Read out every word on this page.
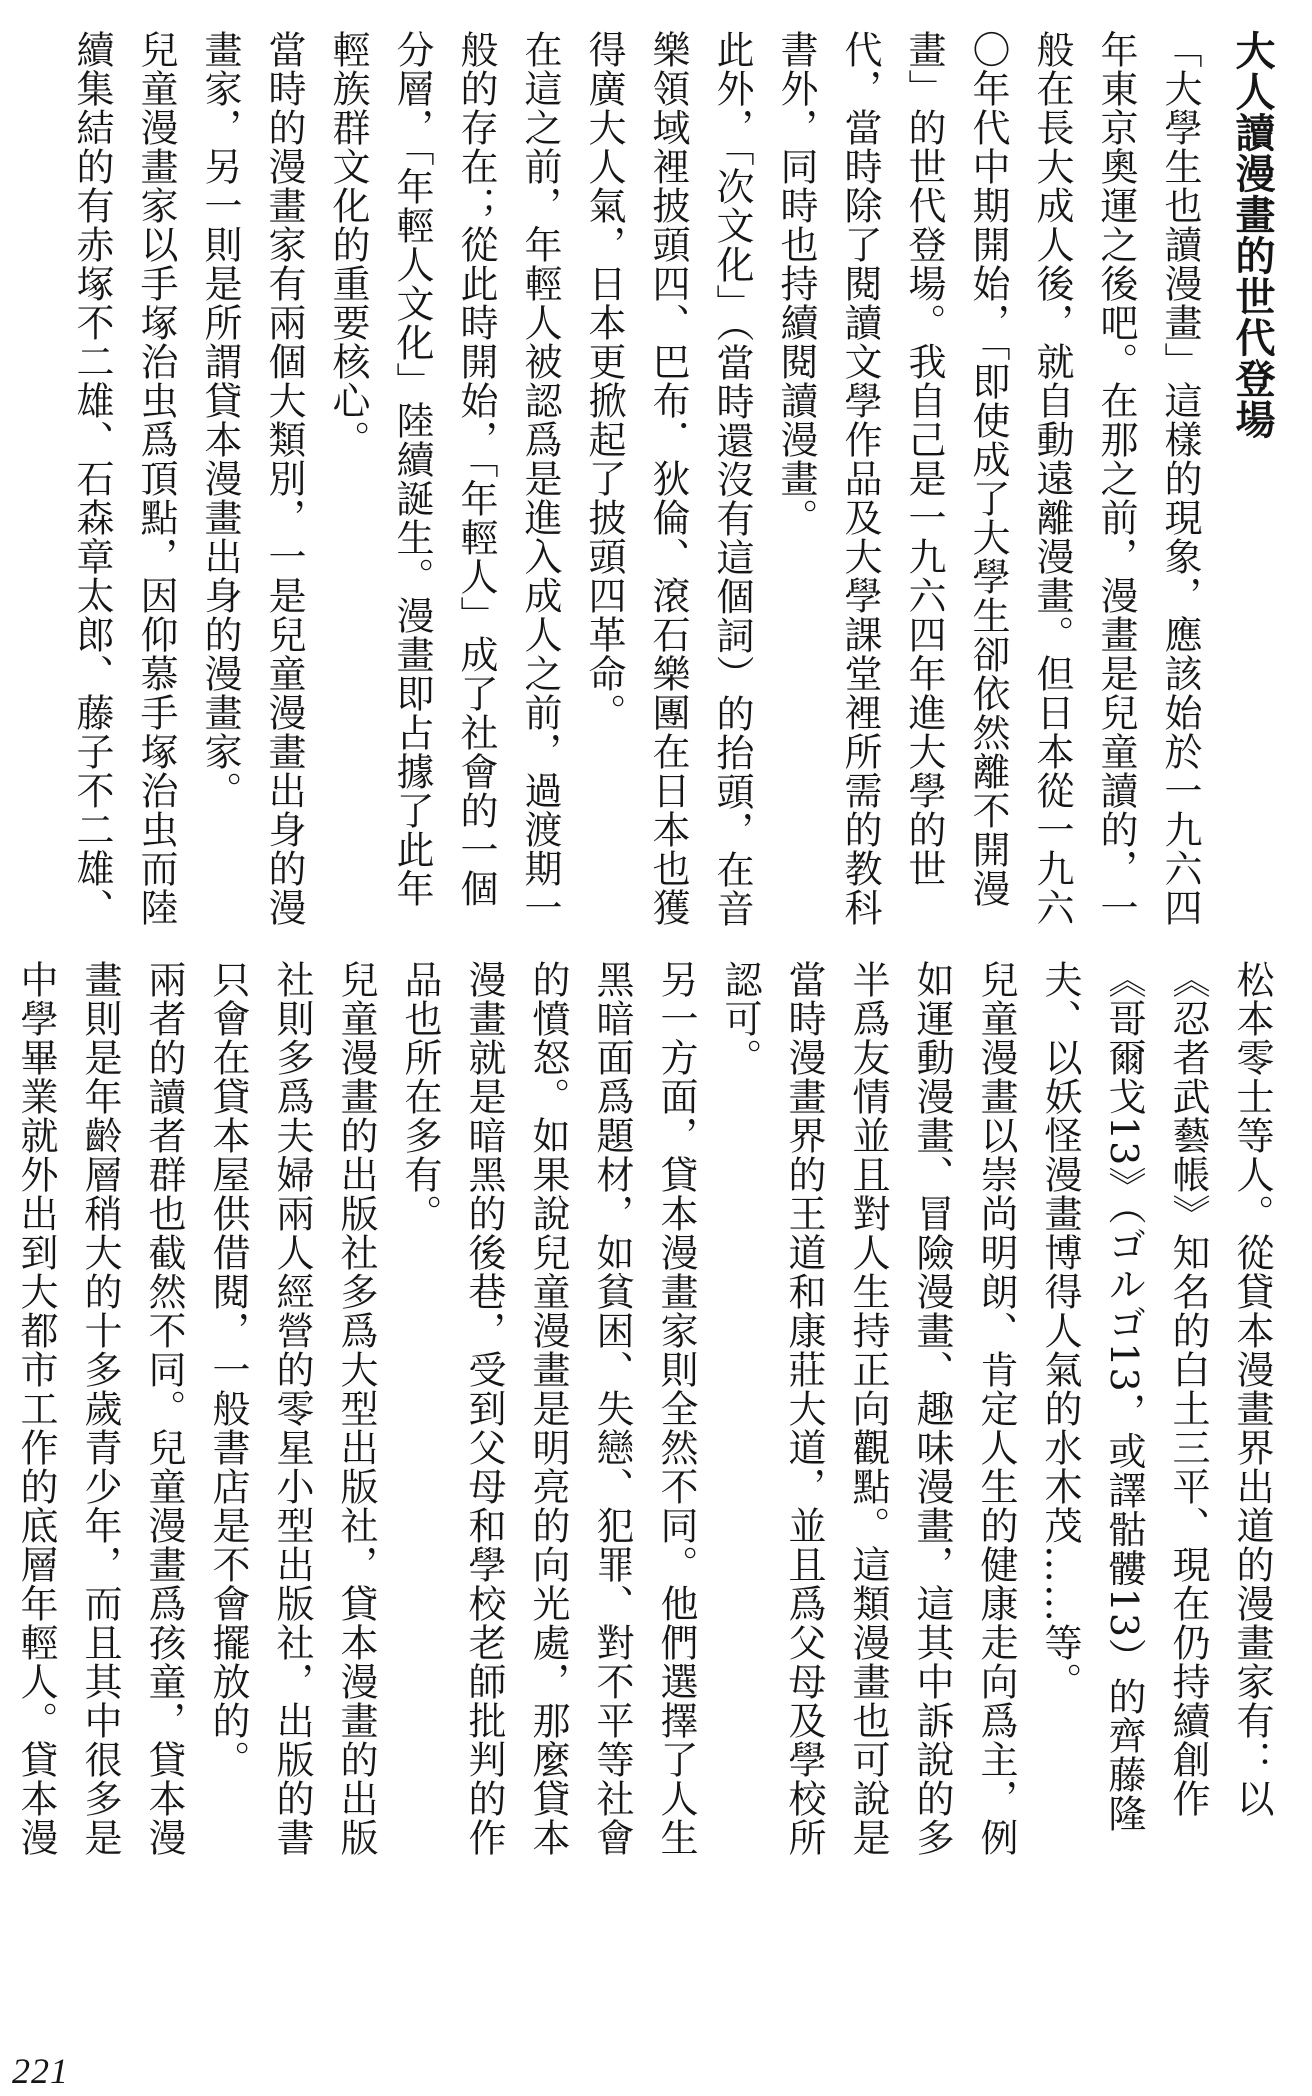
大人讀漫畫的世代登場
「大學生也讀漫畫」這樣的現象，應該始於一九六四年東京奧運之後吧。在那之前，漫畫是兒童讀的，一般在長大成人後，就自動遠離漫畫。但日本從一九六〇年代中期開始，「即使成了大學生卻依然離不開漫畫」的世代登場。我自己是一九六四年進大學的世代，當時除了閱讀文學作品及大學課堂裡所需的教科書外，同時也持續閱讀漫畫。
此外，「次文化」（當時還沒有這個詞）的抬頭，在音樂領域裡披頭四、巴布．狄倫、滾石樂團在日本也獲得廣大人氣，日本更掀起了披頭四革命。
在這之前，年輕人被認爲是進入成人之前，過渡期一般的存在；從此時開始，「年輕人」成了社會的一個分層，「年輕人文化」陸續誕生。漫畫即占據了此年輕族群文化的重要核心。
當時的漫畫家有兩個大類別，一是兒童漫畫出身的漫畫家，另一則是所謂貸本漫畫出身的漫畫家。
兒童漫畫家以手塚治虫爲頂點，因仰慕手塚治虫而陸續集結的有赤塚不二雄、石森章太郎、藤子不二雄、
松本零士等人。從貸本漫畫界出道的漫畫家有：以《忍者武藝帳》知名的白土三平、現在仍持續創作《哥爾戈13》（ゴルゴ13，或譯骷髏13）的齊藤隆夫、以妖怪漫畫博得人氣的水木茂……等。
兒童漫畫以崇尚明朗、肯定人生的健康走向爲主，例如運動漫畫、冒險漫畫、趣味漫畫，這其中訴說的多半爲友情並且對人生持正向觀點。這類漫畫也可說是當時漫畫界的王道和康莊大道，並且爲父母及學校所認可。
另一方面，貸本漫畫家則全然不同。他們選擇了人生黑暗面爲題材，如貧困、失戀、犯罪、對不平等社會的憤怒。如果說兒童漫畫是明亮的向光處，那麼貸本漫畫就是暗黑的後巷，受到父母和學校老師批判的作品也所在多有。
兒童漫畫的出版社多爲大型出版社，貸本漫畫的出版社則多爲夫婦兩人經營的零星小型出版社，出版的書只會在貸本屋供借閱，一般書店是不會擺放的。
兩者的讀者群也截然不同。兒童漫畫爲孩童，貸本漫畫則是年齡層稍大的十多歲青少年，而且其中很多是中學畢業就外出到大都市工作的底層年輕人。貸本漫
221
